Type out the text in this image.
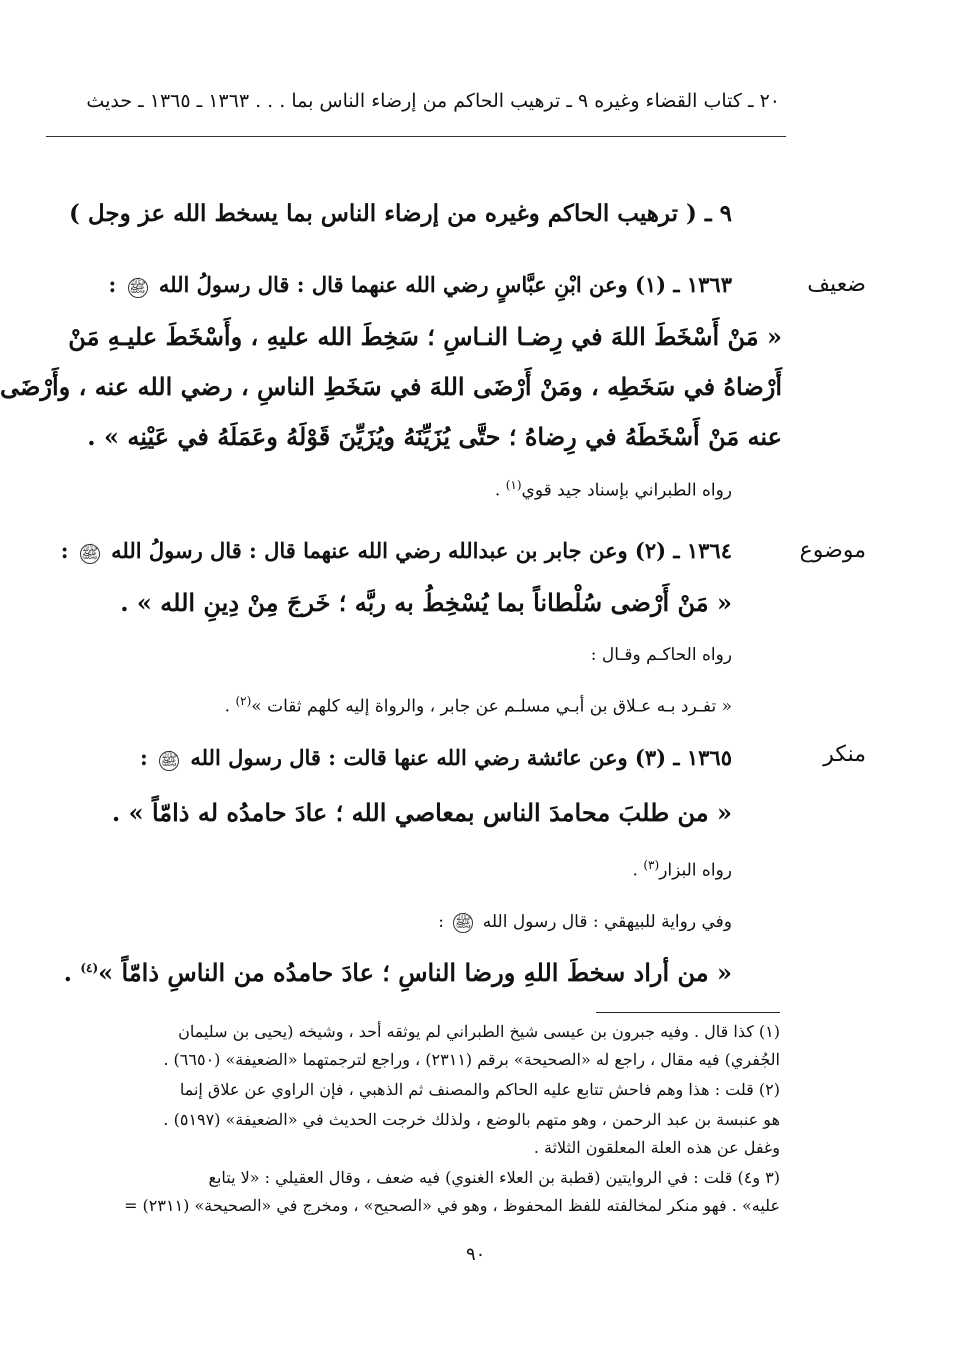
٢٠ ـ كتاب القضاء وغيره ٩ ـ ترهيب الحاكم من إرضاء الناس بما . . . ١٣٦٣ ـ ١٣٦٥ ـ حديث
٩ ـ ( ترهيب الحاكم وغيره من إرضاء الناس بما يسخط الله عز وجل )
ضعيف
١٣٦٣ ـ (١) وعن ابْنِ عبَّاسٍ رضي الله عنهما قال : قال رسولُ الله ﷺ :
« مَنْ أَسْخَطَ اللهَ في رِضـا النـاسِ ؛ سَخِطَ الله عليهِ ، وأَسْخَطَ عليـهِ مَنْ
أَرْضاهُ في سَخَطِه ، ومَنْ أَرْضَى اللهَ في سَخَطِ الناسِ ، رضي الله عنه ، وأَرْضَى
عنه مَنْ أَسْخَطَهُ في رِضاهُ ؛ حتَّى يُزَيِّنَهُ ويُزَيِّنَ قَوْلَهُ وعَمَلَهُ في عَيْنِه » .
رواه الطبراني بإسناد جيد قوي$^{(١)}$ .
موضوع
١٣٦٤ ـ (٢) وعن جابر بن عبدالله رضي الله عنهما قال : قال رسولُ الله ﷺ :
« مَنْ أَرْضى سُلْطاناً بما يُسْخِطُ به ربَّه ؛ خَرجَ مِنْ دِينِ الله » .
رواه الحاكـم وقـال :
« تفـرد بـه عـلاق بن أبـي مسلـم عن جابر ، والرواة إليه كلهم ثقات »$^{(٢)}$ .
منكر
١٣٦٥ ـ (٣) وعن عائشة رضي الله عنها قالت : قال رسول الله ﷺ :
« من طلبَ محامدَ الناس بمعاصي الله ؛ عادَ حامدُه له ذامّاً » .
رواه البزار$^{(٣)}$ .
وفي رواية للبيهقي : قال رسول الله ﷺ :
« من أراد سخطَ اللهِ ورضا الناسِ ؛ عادَ حامدُه من الناسِ ذامّاً »$^{(٤)}$ .
(١) كذا قال . وفيه جبرون بن عيسى شيخ الطبراني لم يوثقه أحد ، وشيخه (يحيى بن سليمان
الجُفري) فيه مقال ، راجع له «الصحيحة» برقم (٢٣١١) ، وراجع لترجمتهما «الضعيفة» (٦٦٥٠) .
(٢) قلت : هذا وهم فاحش تتابع عليه الحاكم والمصنف ثم الذهبي ، فإن الراوي عن علاق إنما
هو عنبسة بن عبد الرحمن ، وهو متهم بالوضع ، ولذلك خرجت الحديث في «الضعيفة» (٥١٩٧) .
وغفل عن هذه العلة المعلقون الثلاثة .
(٣ و٤) قلت : في الروايتين (قطبة بن العلاء الغنوي) فيه ضعف ، وقال العقيلي : «لا يتابع
عليه» . فهو منكر لمخالفته للفظ المحفوظ ، وهو في «الصحيح» ، ومخرج في «الصحيحة» (٢٣١١) =
٩٠
